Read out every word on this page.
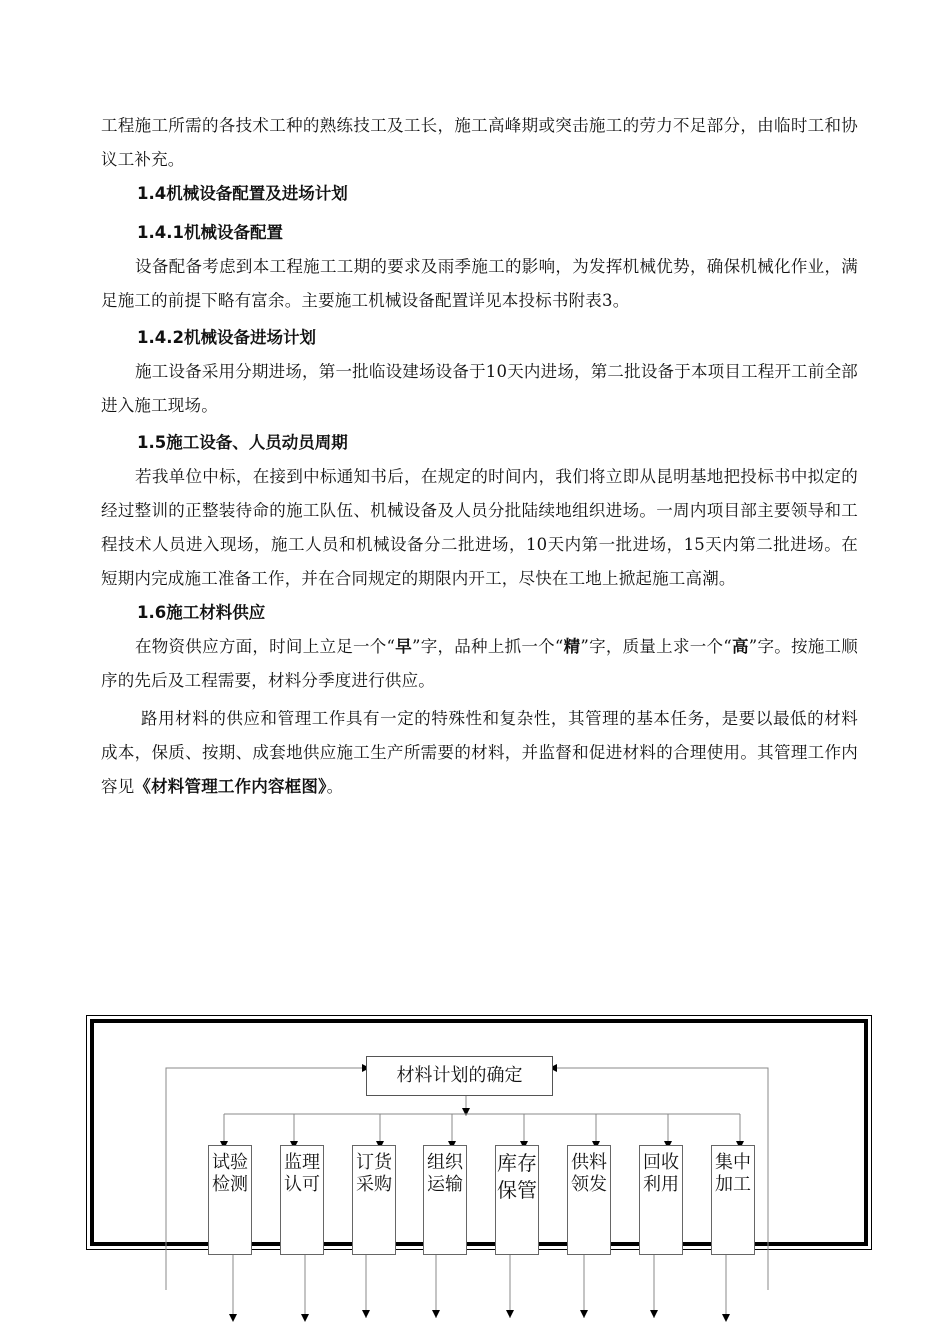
工程施工所需的各技术工种的熟练技工及工长，施工高峰期或突击施工的劳力不足部分，由临时工和协议工补充。

1.4机械设备配置及进场计划

1.4.1机械设备配置

设备配备考虑到本工程施工工期的要求及雨季施工的影响，为发挥机械优势，确保机械化作业，满足施工的前提下略有富余。主要施工机械设备配置详见本投标书附表3。

1.4.2机械设备进场计划

施工设备采用分期进场，第一批临设建场设备于10天内进场，第二批设备于本项目工程开工前全部进入施工现场。

1.5施工设备、人员动员周期

若我单位中标，在接到中标通知书后，在规定的时间内，我们将立即从昆明基地把投标书中拟定的经过整训的正整装待命的施工队伍、机械设备及人员分批陆续地组织进场。一周内项目部主要领导和工程技术人员进入现场，施工人员和机械设备分二批进场，10天内第一批进场，15天内第二批进场。在短期内完成施工准备工作，并在合同规定的期限内开工，尽快在工地上掀起施工高潮。

1.6施工材料供应

在物资供应方面，时间上立足一个“早”字，品种上抓一个“精”字，质量上求一个“高”字。按施工顺序的先后及工程需要，材料分季度进行供应。

路用材料的供应和管理工作具有一定的特殊性和复杂性，其管理的基本任务，是要以最低的材料成本，保质、按期、成套地供应施工生产所需要的材料，并监督和促进材料的合理使用。其管理工作内容见《材料管理工作内容框图》。

材料计划的确定
试验检测
监理认可
订货采购
组织运输
库存保管
供料领发
回收利用
集中加工
